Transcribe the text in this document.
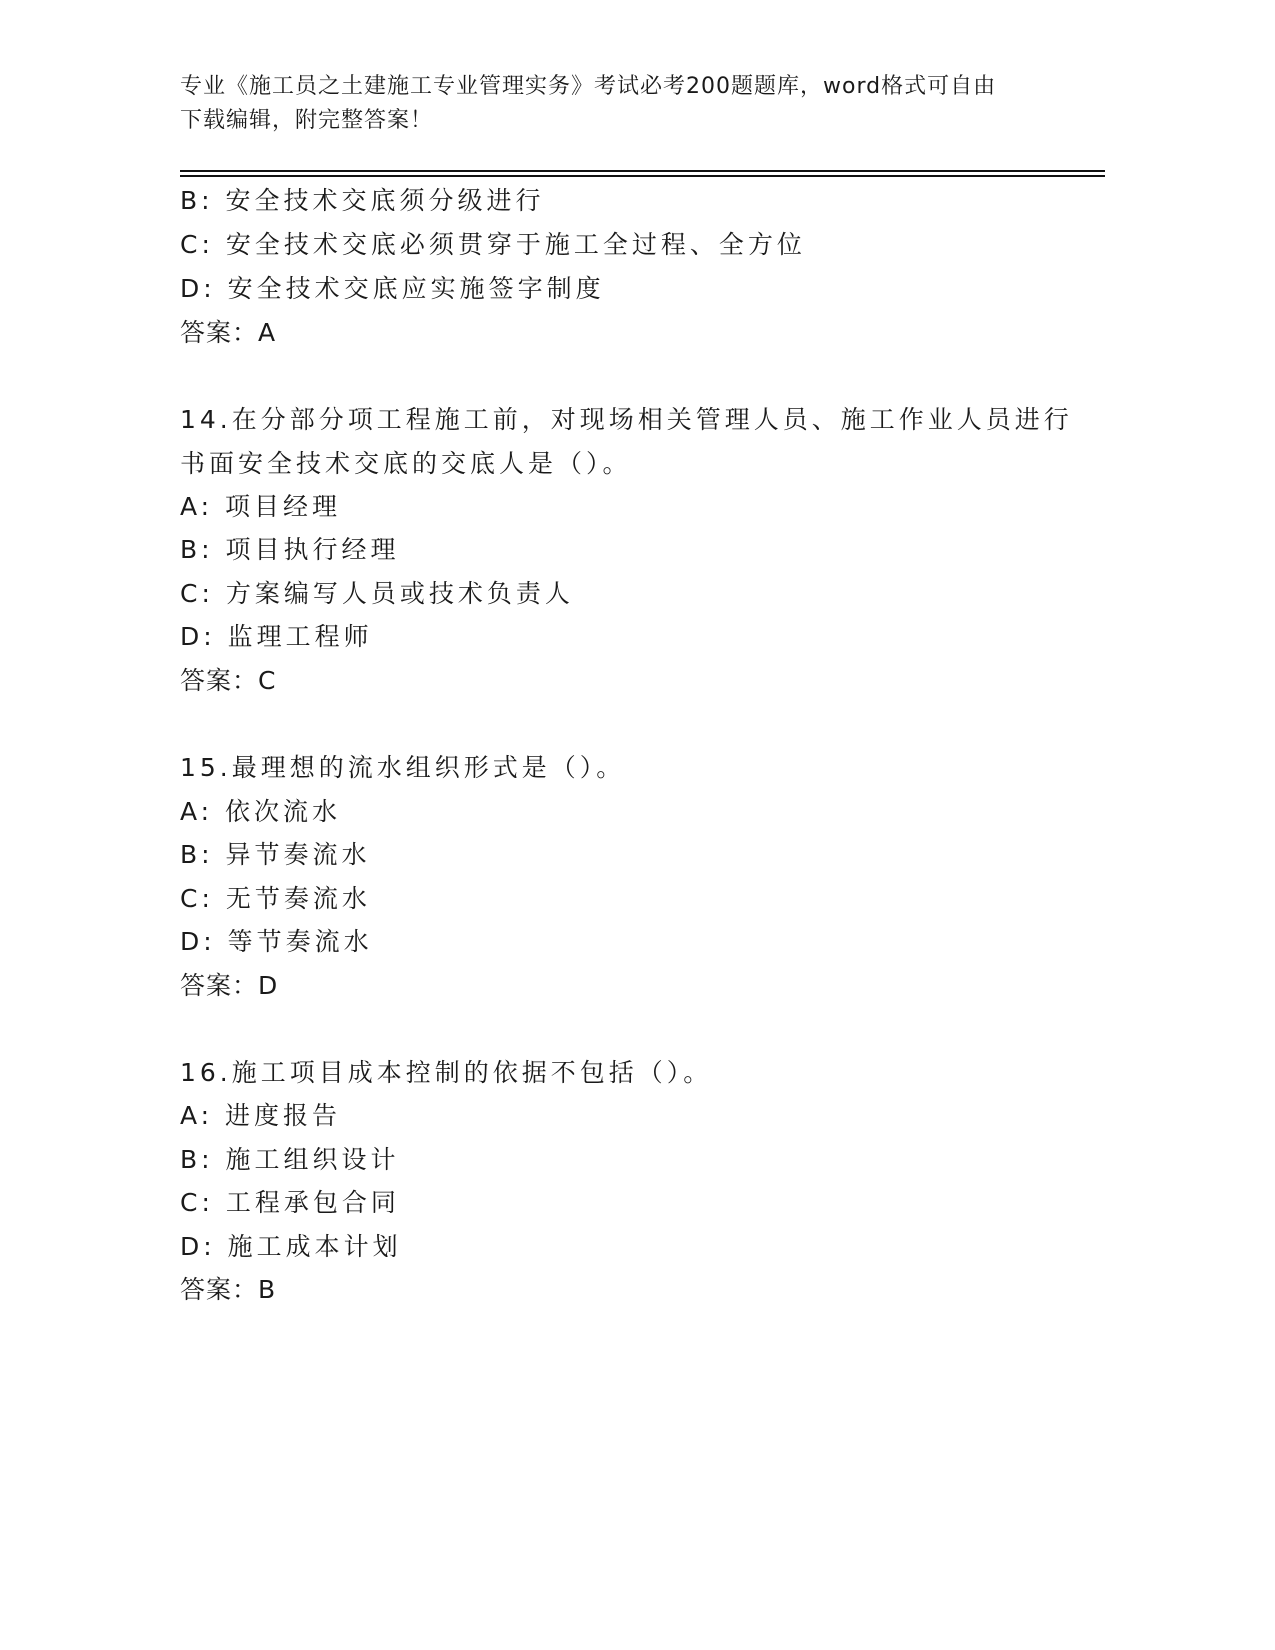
专业《施工员之土建施工专业管理实务》考试必考200题题库，word格式可自由
下载编辑，附完整答案！
B: 安全技术交底须分级进行
C: 安全技术交底必须贯穿于施工全过程、全方位
D: 安全技术交底应实施签字制度
答案：A
14.在分部分项工程施工前，对现场相关管理人员、施工作业人员进行
书面安全技术交底的交底人是（）。
A: 项目经理
B: 项目执行经理
C: 方案编写人员或技术负责人
D: 监理工程师
答案：C
15.最理想的流水组织形式是（）。
A: 依次流水
B: 异节奏流水
C: 无节奏流水
D: 等节奏流水
答案：D
16.施工项目成本控制的依据不包括（）。
A: 进度报告
B: 施工组织设计
C: 工程承包合同
D: 施工成本计划
答案：B
